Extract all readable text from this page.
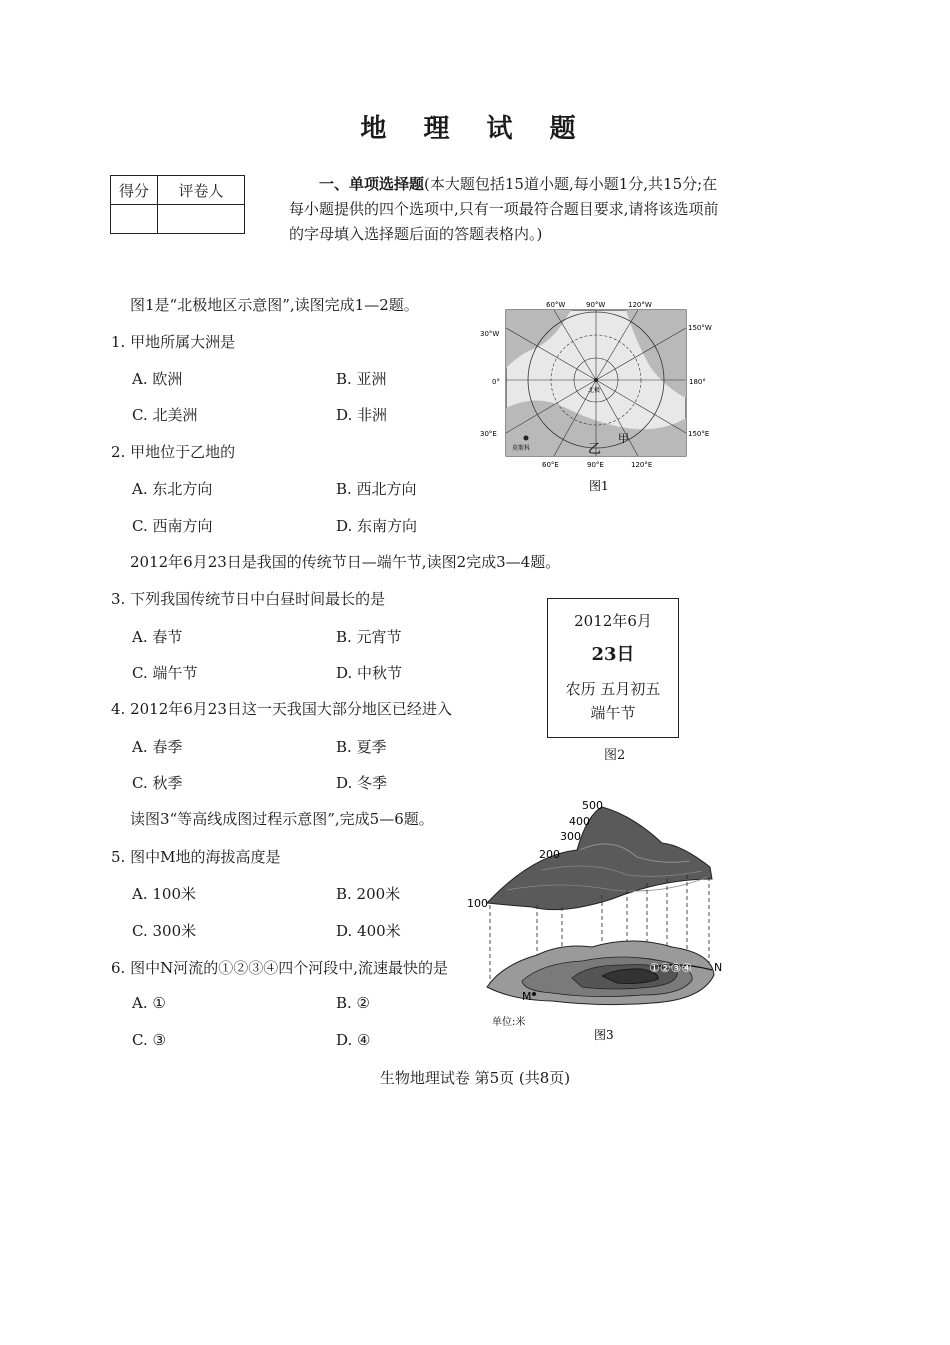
地 理 试 题
得分	评卷人
		一、单项选择题(本大题包括15道小题,每小题1分,共15分;在每小题提供的四个选项中,只有一项最符合题目要求,请将该选项前的字母填入选择题后面的答题表格内。)
图1是“北极地区示意图”,读图完成1—2题。
1. 甲地所属大洲是
A. 欧洲	B. 亚洲
C. 北美洲	D. 非洲
2. 甲地位于乙地的
A. 东北方向	B. 西北方向
C. 西南方向	D. 东南方向
2012年6月23日是我国的传统节日—端午节,读图2完成3—4题。
3. 下列我国传统节日中白昼时间最长的是
A. 春节	B. 元宵节
C. 端午节	D. 中秋节
4. 2012年6月23日这一天我国大部分地区已经进入
A. 春季	B. 夏季
C. 秋季	D. 冬季
读图3“等高线成图过程示意图”,完成5—6题。
5. 图中M地的海拔高度是
A. 100米	B. 200米
C. 300米	D. 400米
6. 图中N河流的①②③④四个河段中,流速最快的是
A. ①	B. ②
C. ③	D. ④
60°W	90°W	120°W
150°W
30°W
0°	180°
30°E	150°E
60°E	90°E	120°E
北极
莫斯科	乙
甲
图1
2012年6月
23日
农历 五月初五
端午节
图2
500
400
300
200
100
①②③④ N
M
单位:米
图3
生物地理试卷 第5页 (共8页)
